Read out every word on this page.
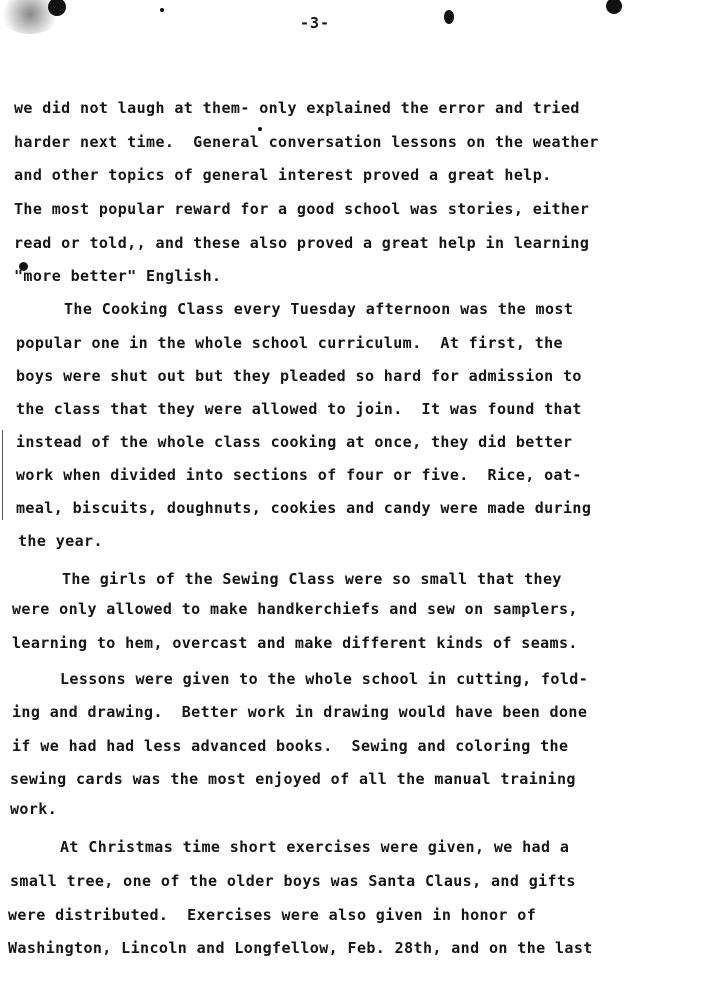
-3-
we did not laugh at them- only explained the error and tried
harder next time.  General conversation lessons on the weather
and other topics of general interest proved a great help.
The most popular reward for a good school was stories, either
read or told,, and these also proved a great help in learning
"more better" English.
The Cooking Class every Tuesday afternoon was the most
popular one in the whole school curriculum.  At first, the
boys were shut out but they pleaded so hard for admission to
the class that they were allowed to join.  It was found that
instead of the whole class cooking at once, they did better
work when divided into sections of four or five.  Rice, oat-
meal, biscuits, doughnuts, cookies and candy were made during
the year.
The girls of the Sewing Class were so small that they
were only allowed to make handkerchiefs and sew on samplers,
learning to hem, overcast and make different kinds of seams.
Lessons were given to the whole school in cutting, fold-
ing and drawing.  Better work in drawing would have been done
if we had had less advanced books.  Sewing and coloring the
sewing cards was the most enjoyed of all the manual training
work.
At Christmas time short exercises were given, we had a
small tree, one of the older boys was Santa Claus, and gifts
were distributed.  Exercises were also given in honor of
Washington, Lincoln and Longfellow, Feb. 28th, and on the last
